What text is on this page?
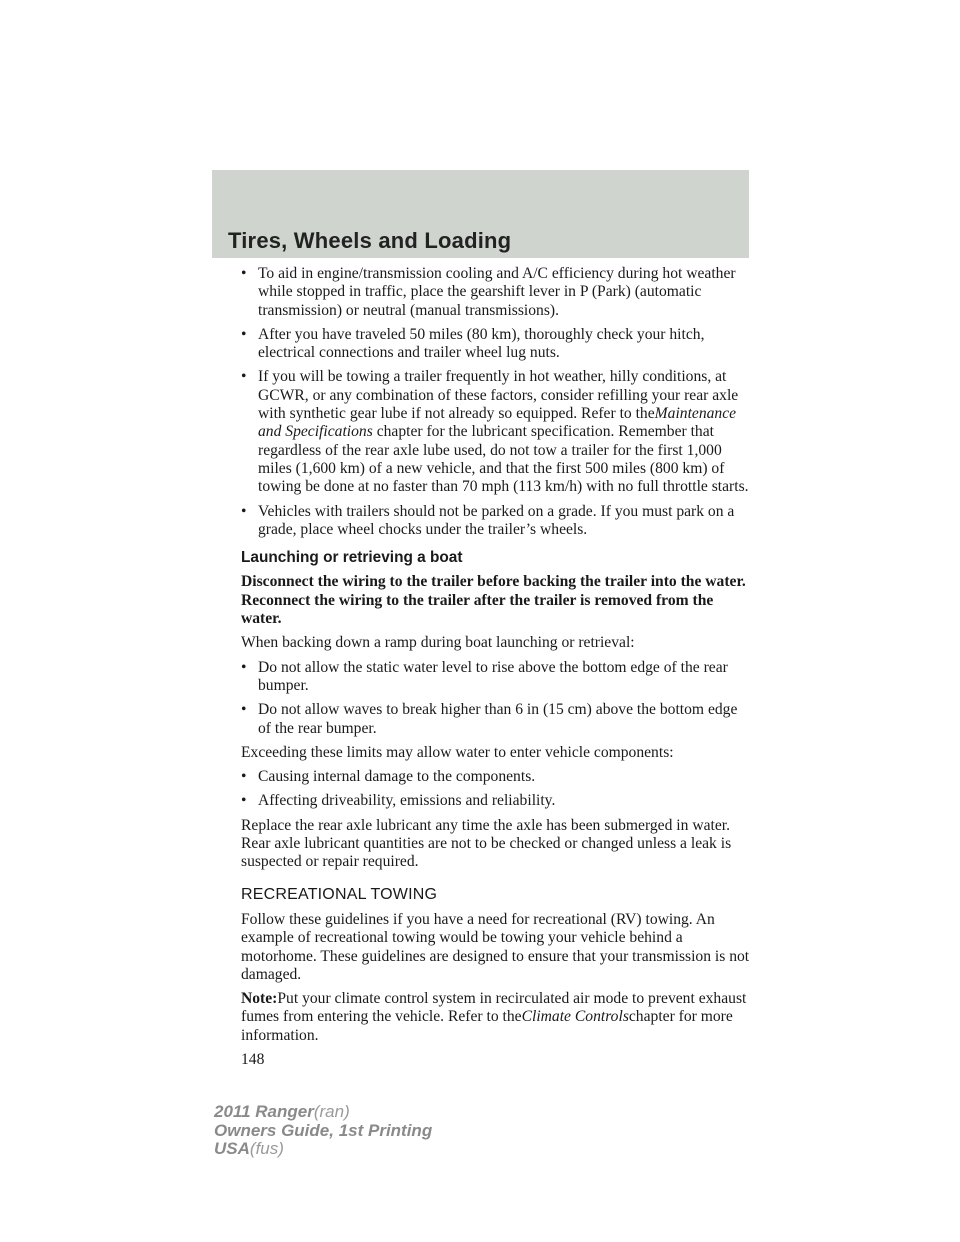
Tires, Wheels and Loading
• To aid in engine/transmission cooling and A/C efficiency during hot weather while stopped in traffic, place the gearshift lever in P (Park) (automatic transmission) or neutral (manual transmissions).
• After you have traveled 50 miles (80 km), thoroughly check your hitch, electrical connections and trailer wheel lug nuts.
• If you will be towing a trailer frequently in hot weather, hilly conditions, at GCWR, or any combination of these factors, consider refilling your rear axle with synthetic gear lube if not already so equipped. Refer to theMaintenance and Specifications chapter for the lubricant specification. Remember that regardless of the rear axle lube used, do not tow a trailer for the first 1,000 miles (1,600 km) of a new vehicle, and that the first 500 miles (800 km) of towing be done at no faster than 70 mph (113 km/h) with no full throttle starts.
• Vehicles with trailers should not be parked on a grade. If you must park on a grade, place wheel chocks under the trailer’s wheels.
Launching or retrieving a boat

Disconnect the wiring to the trailer before backing the trailer into the water. Reconnect the wiring to the trailer after the trailer is removed from the water.

When backing down a ramp during boat launching or retrieval:

• Do not allow the static water level to rise above the bottom edge of the rear bumper.
• Do not allow waves to break higher than 6 in (15 cm) above the bottom edge of the rear bumper.

Exceeding these limits may allow water to enter vehicle components:

• Causing internal damage to the components.
• Affecting driveability, emissions and reliability.

Replace the rear axle lubricant any time the axle has been submerged in water. Rear axle lubricant quantities are not to be checked or changed unless a leak is suspected or repair required.

RECREATIONAL TOWING

Follow these guidelines if you have a need for recreational (RV) towing. An example of recreational towing would be towing your vehicle behind a motorhome. These guidelines are designed to ensure that your transmission is not damaged.

Note:Put your climate control system in recirculated air mode to prevent exhaust fumes from entering the vehicle. Refer to theClimate Controlschapter for more information.

148
2011 Ranger(ran)
Owners Guide, 1st Printing
USA(fus)
